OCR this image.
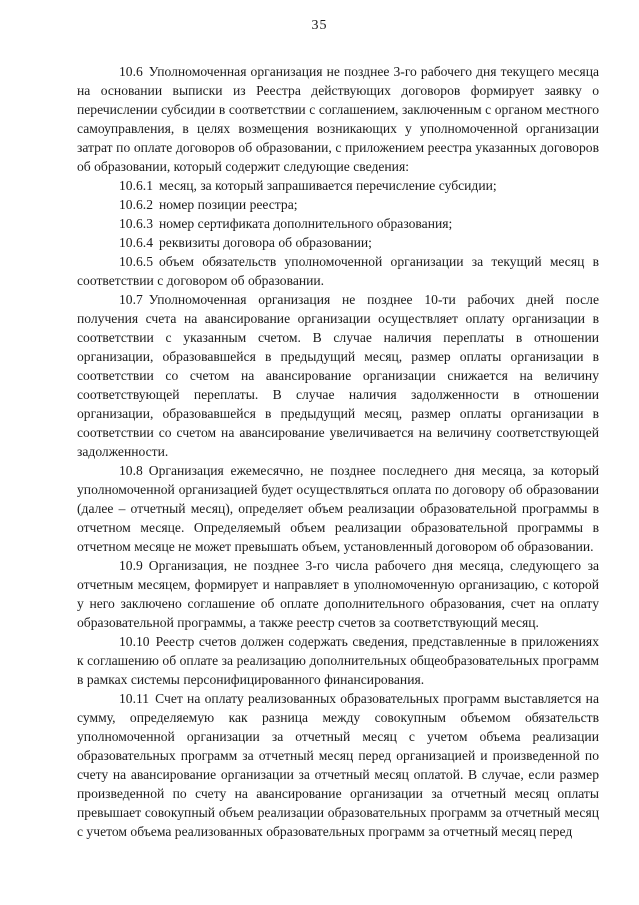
35

10.6 Уполномоченная организация не позднее 3-го рабочего дня текущего месяца на основании выписки из Реестра действующих договоров формирует заявку о перечислении субсидии в соответствии с соглашением, заключенным с органом местного самоуправления, в целях возмещения возникающих у уполномоченной организации затрат по оплате договоров об образовании, с приложением реестра указанных договоров об образовании, который содержит следующие сведения:

10.6.1 месяц, за который запрашивается перечисление субсидии;

10.6.2 номер позиции реестра;

10.6.3 номер сертификата дополнительного образования;

10.6.4 реквизиты договора об образовании;

10.6.5 объем обязательств уполномоченной организации за текущий месяц в соответствии с договором об образовании.

10.7 Уполномоченная организация не позднее 10-ти рабочих дней после получения счета на авансирование организации осуществляет оплату организации в соответствии с указанным счетом. В случае наличия переплаты в отношении организации, образовавшейся в предыдущий месяц, размер оплаты организации в соответствии со счетом на авансирование организации снижается на величину соответствующей переплаты. В случае наличия задолженности в отношении организации, образовавшейся в предыдущий месяц, размер оплаты организации в соответствии со счетом на авансирование увеличивается на величину соответствующей задолженности.

10.8 Организация ежемесячно, не позднее последнего дня месяца, за который уполномоченной организацией будет осуществляться оплата по договору об образовании (далее – отчетный месяц), определяет объем реализации образовательной программы в отчетном месяце. Определяемый объем реализации образовательной программы в отчетном месяце не может превышать объем, установленный договором об образовании.

10.9 Организация, не позднее 3-го числа рабочего дня месяца, следующего за отчетным месяцем, формирует и направляет в уполномоченную организацию, с которой у него заключено соглашение об оплате дополнительного образования, счет на оплату образовательной программы, а также реестр счетов за соответствующий месяц.

10.10 Реестр счетов должен содержать сведения, представленные в приложениях к соглашению об оплате за реализацию дополнительных общеобразовательных программ в рамках системы персонифицированного финансирования.

10.11 Счет на оплату реализованных образовательных программ выставляется на сумму, определяемую как разница между совокупным объемом обязательств уполномоченной организации за отчетный месяц с учетом объема реализации образовательных программ за отчетный месяц перед организацией и произведенной по счету на авансирование организации за отчетный месяц оплатой. В случае, если размер произведенной по счету на авансирование организации за отчетный месяц оплаты превышает совокупный объем реализации образовательных программ за отчетный месяц с учетом объема реализованных образовательных программ за отчетный месяц перед
